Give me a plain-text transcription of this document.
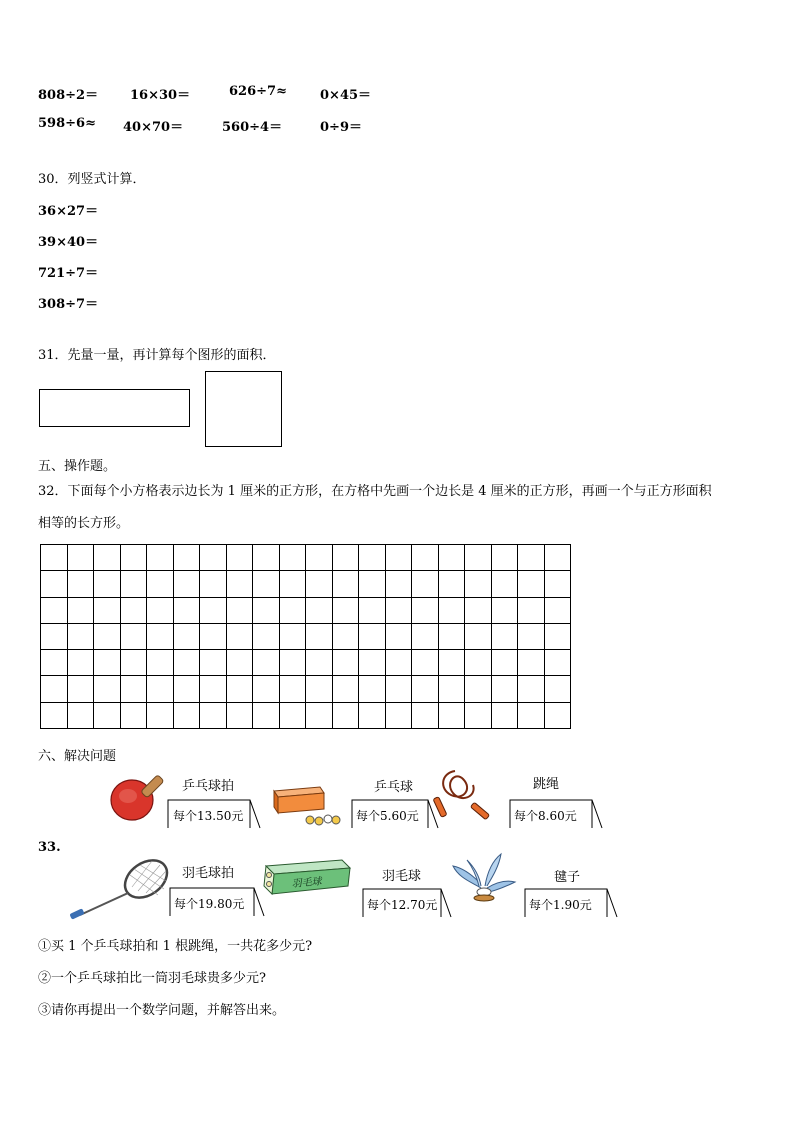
808÷2＝ 16×30＝	626÷7≈	0×45＝
598÷6≈ 40×70＝	560÷4＝	0÷9＝
30．列竖式计算．
36×27＝
39×40＝
721÷7＝
308÷7＝
31．先量一量，再计算每个图形的面积．
五、操作题。
32．下面每个小方格表示边长为 1 厘米的正方形，在方格中先画一个边长是 4 厘米的正方形，再画一个与正方形面积
相等的长方形。

六、解决问题
33.
乒乓球拍
每个13.50元
乒乓球
每个5.60元
跳绳
每个8.60元
羽毛球拍
每个19.80元
羽毛球	羽毛球
每个12.70元
毽子
每个1.90元
①买 1 个乒乓球拍和 1 根跳绳，一共花多少元?
②一个乒乓球拍比一筒羽毛球贵多少元?
③请你再提出一个数学问题，并解答出来。
